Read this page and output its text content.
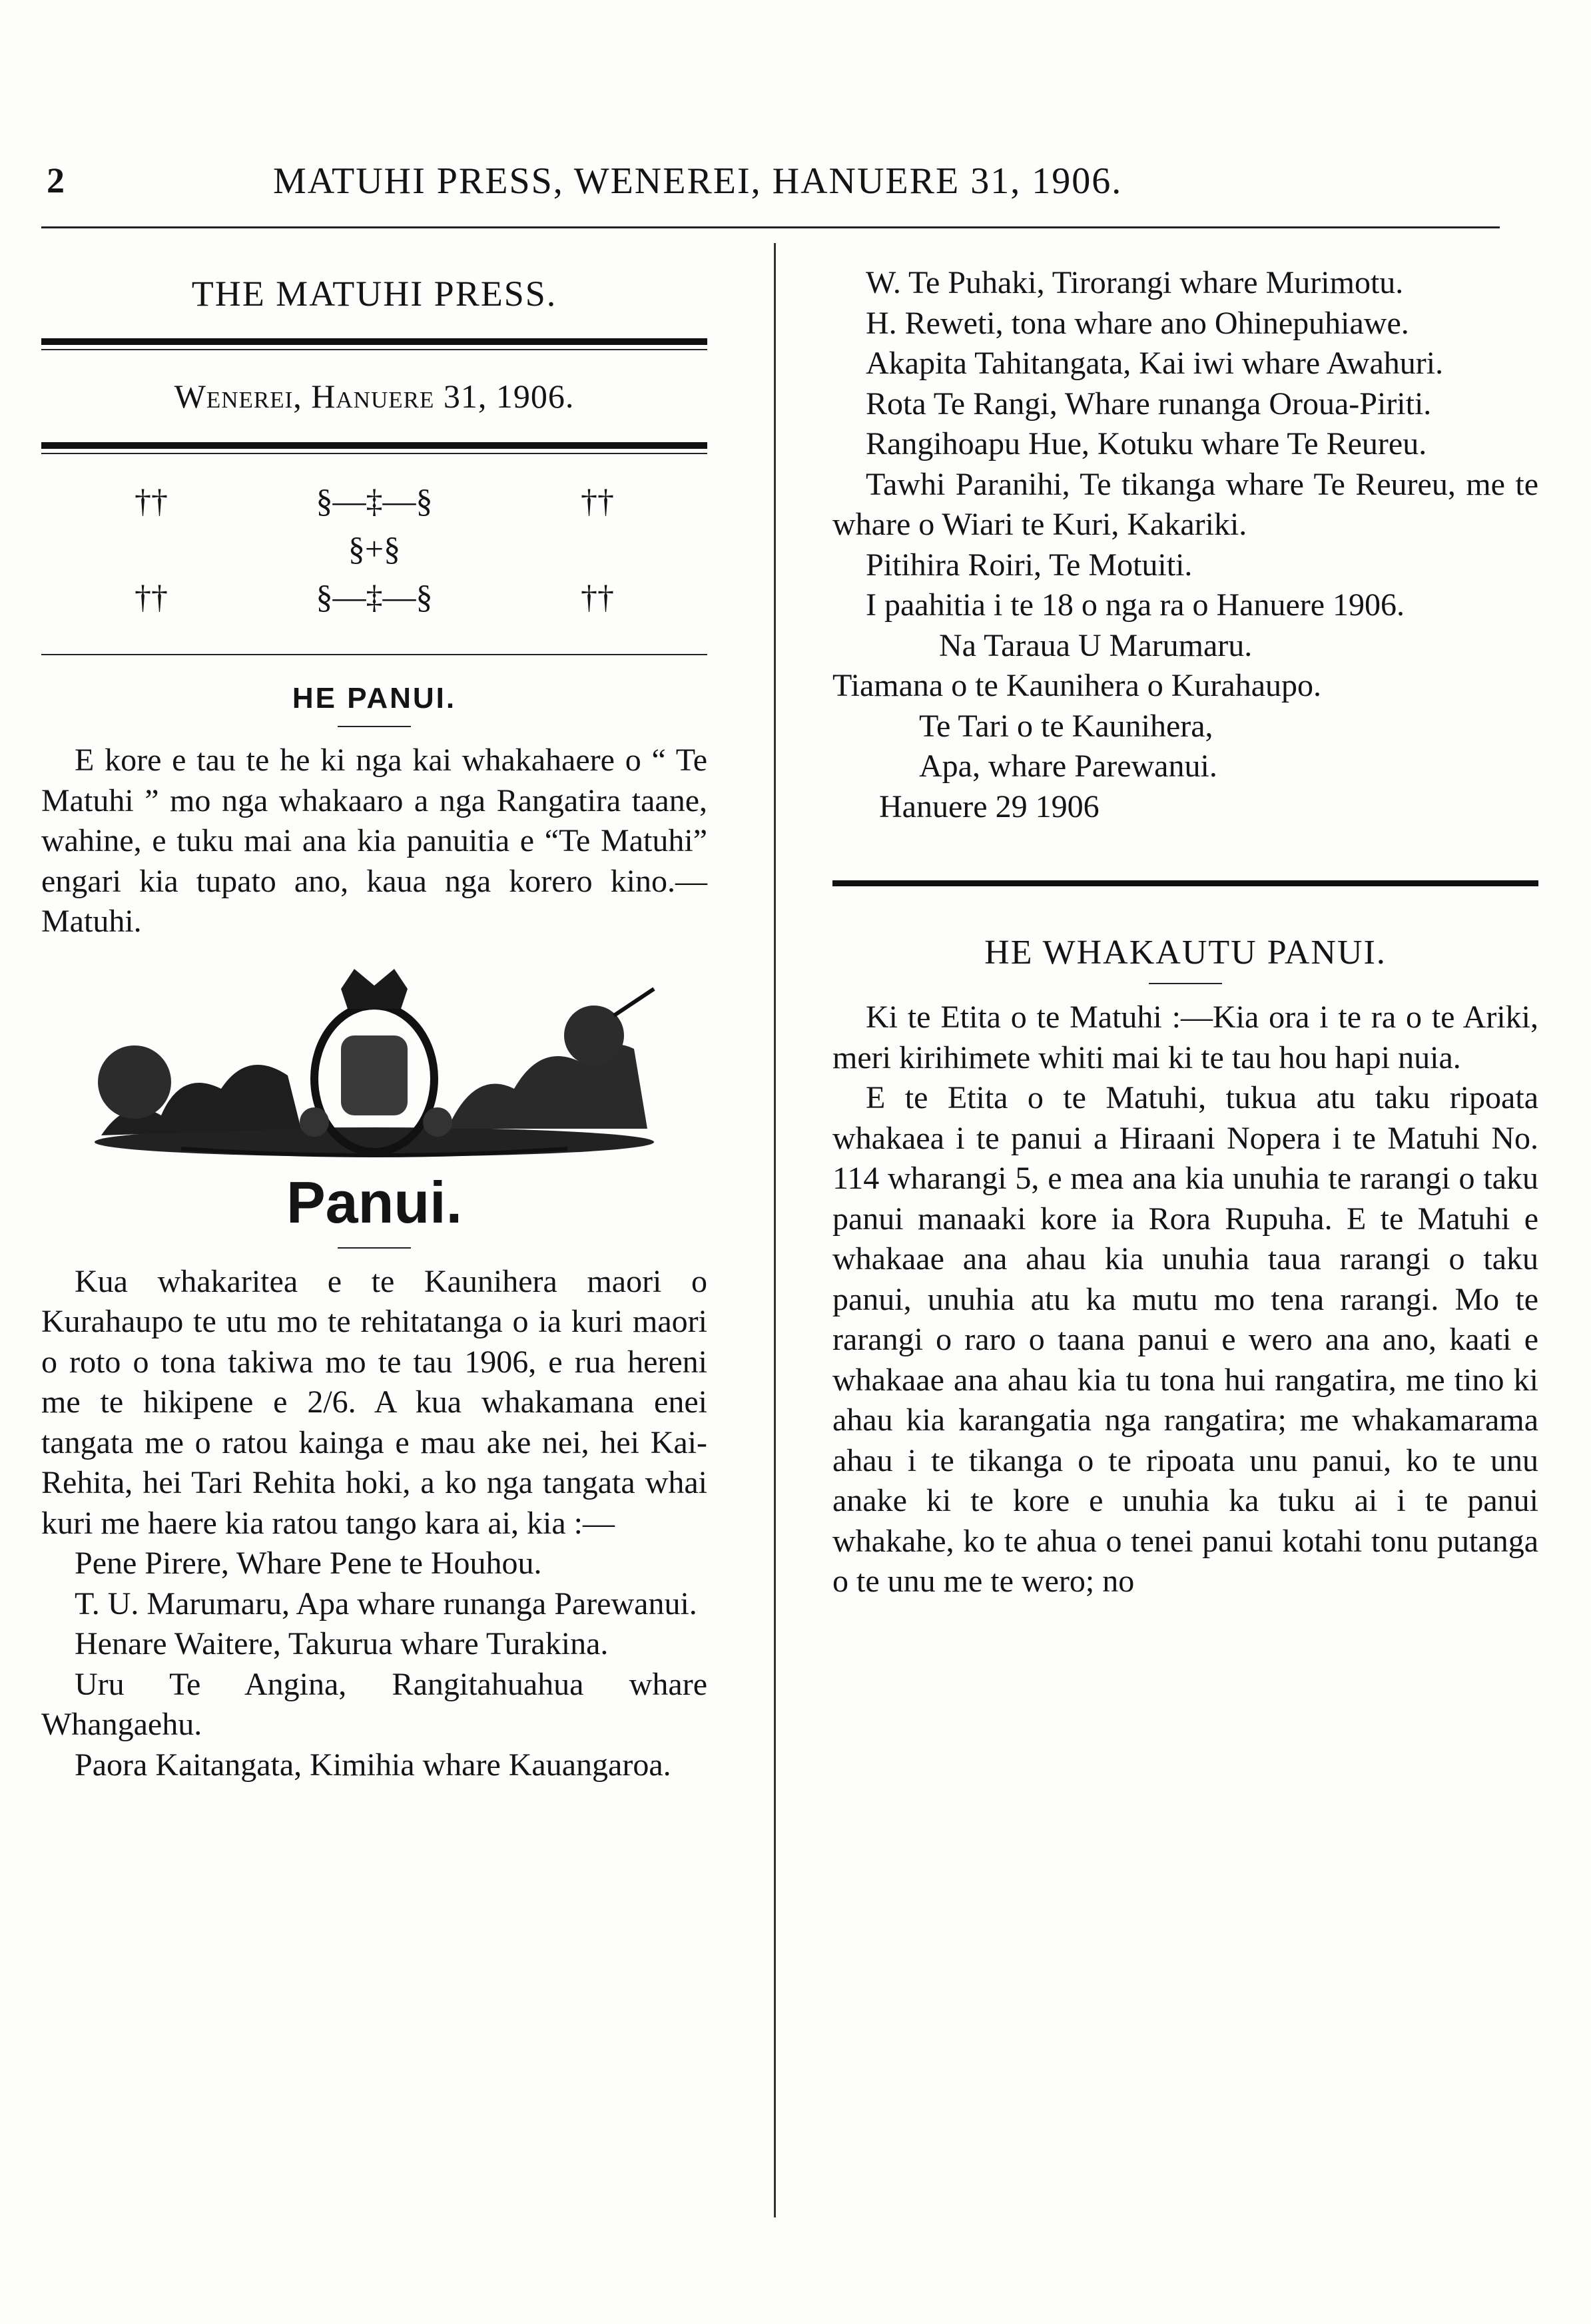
2	MATUHI PRESS, WENEREI, HANUERE 31, 1906.
THE MATUHI PRESS.
Wenerei, Hanuere 31, 1906.
††	§—‡—§	††
§+§
††	§—‡—§	††
HE PANUI.
E kore e tau te he ki nga kai whakahaere o “ Te Matuhi ” mo nga whakaaro a nga Rangatira taane, wahine, e tuku mai ana kia panuitia e “Te Matuhi” engari kia tupato ano, kaua nga korero kino.—Matuhi.
Panui.
Kua whakaritea e te Kaunihera maori o Kurahaupo te utu mo te rehitatanga o ia kuri maori o roto o tona takiwa mo te tau 1906, e rua hereni me te hikipene e 2/6. A kua whakamana enei tangata me o ratou kainga e mau ake nei, hei Kai-Rehita, hei Tari Rehita hoki, a ko nga tangata whai kuri me haere kia ratou tango kara ai, kia :—

Pene Pirere, Whare Pene te Houhou.

T. U. Marumaru, Apa whare runanga Parewanui.

Henare Waitere, Takurua whare Turakina.

Uru Te Angina, Rangitahuahua whare Whangaehu.

Paora Kaitangata, Kimihia whare Kauangaroa.

W. Te Puhaki, Tirorangi whare Murimotu.

H. Reweti, tona whare ano Ohinepuhiawe.

Akapita Tahitangata, Kai iwi whare Awahuri.

Rota Te Rangi, Whare runanga Oroua-Piriti.

Rangihoapu Hue, Kotuku whare Te Reureu.

Tawhi Paranihi, Te tikanga whare Te Reureu, me te whare o Wiari te Kuri, Kakariki.

Pitihira Roiri, Te Motuiti.

I paahitia i te 18 o nga ra o Hanuere 1906.

Na Taraua U Marumaru.
Tiamana o te Kaunihera o Kurahaupo.
Te Tari o te Kaunihera,
Apa, whare Parewanui.
Hanuere 29 1906
HE WHAKAUTU PANUI.
Ki te Etita o te Matuhi :—Kia ora i te ra o te Ariki, meri kirihimete whiti mai ki te tau hou hapi nuia.
E te Etita o te Matuhi, tukua atu taku ripoata whakaea i te panui a Hiraani Nopera i te Matuhi No. 114 wharangi 5, e mea ana kia unuhia te rarangi o taku panui manaaki kore ia Rora Rupuha. E te Matuhi e whakaae ana ahau kia unuhia taua rarangi o taku panui, unuhia atu ka mutu mo tena rarangi. Mo te rarangi o raro o taana panui e wero ana ano, kaati e whakaae ana ahau kia tu tona hui rangatira, me tino ki ahau kia karangatia nga rangatira; me whakamarama ahau i te tikanga o te ripoata unu panui, ko te unu anake ki te kore e unuhia ka tuku ai i te panui whakahe, ko te ahua o tenei panui kotahi tonu putanga o te unu me te wero; no
